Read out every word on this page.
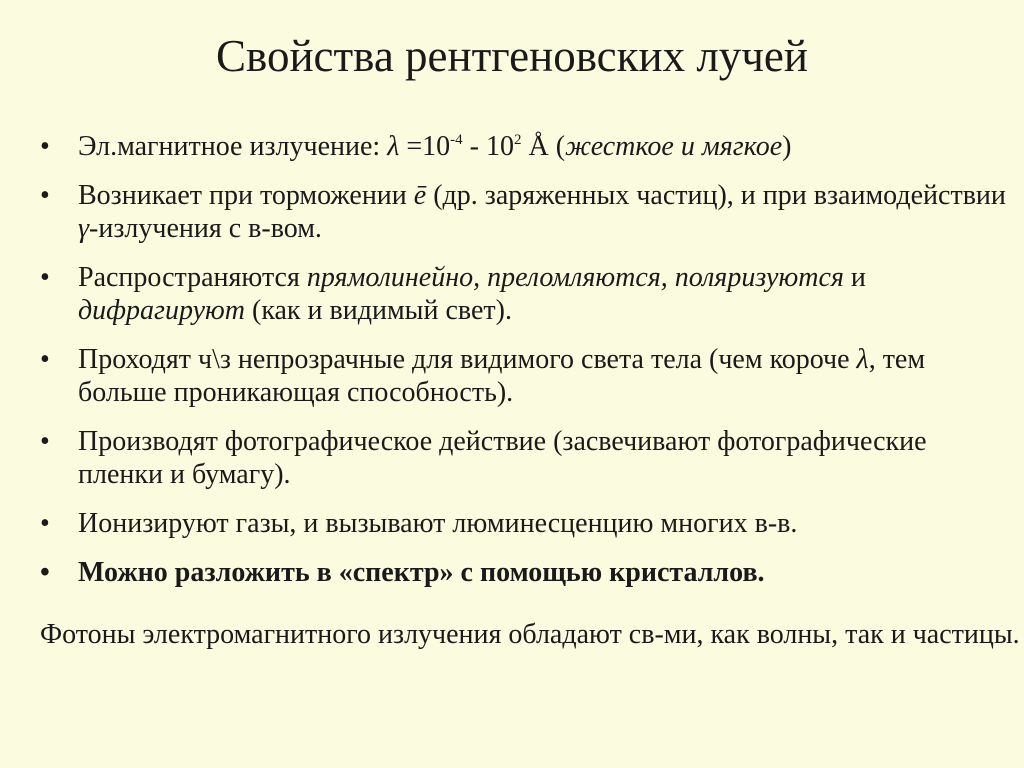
Свойства рентгеновских лучей
•	Эл.магнитное излучение: $\lambda =10^{-4} - 10^2$ Å (жесткое и мягкое)
•	Возникает при торможении ē (др. заряженных частиц), и при взаимодействии γ-излучения с в-вом.
•	Распространяются прямолинейно, преломляются, поляризуются и дифрагируют (как и видимый свет).
•	Проходят ч\з непрозрачные для видимого света тела (чем короче λ, тем больше проникающая способность).
•	Производят фотографическое действие (засвечивают фотографические пленки и бумагу).
•	Ионизируют газы, и вызывают люминесценцию многих в-в.
•	Можно разложить в «спектр» с помощью кристаллов.

Фотоны электромагнитного излучения обладают св-ми, как волны, так и частицы.
